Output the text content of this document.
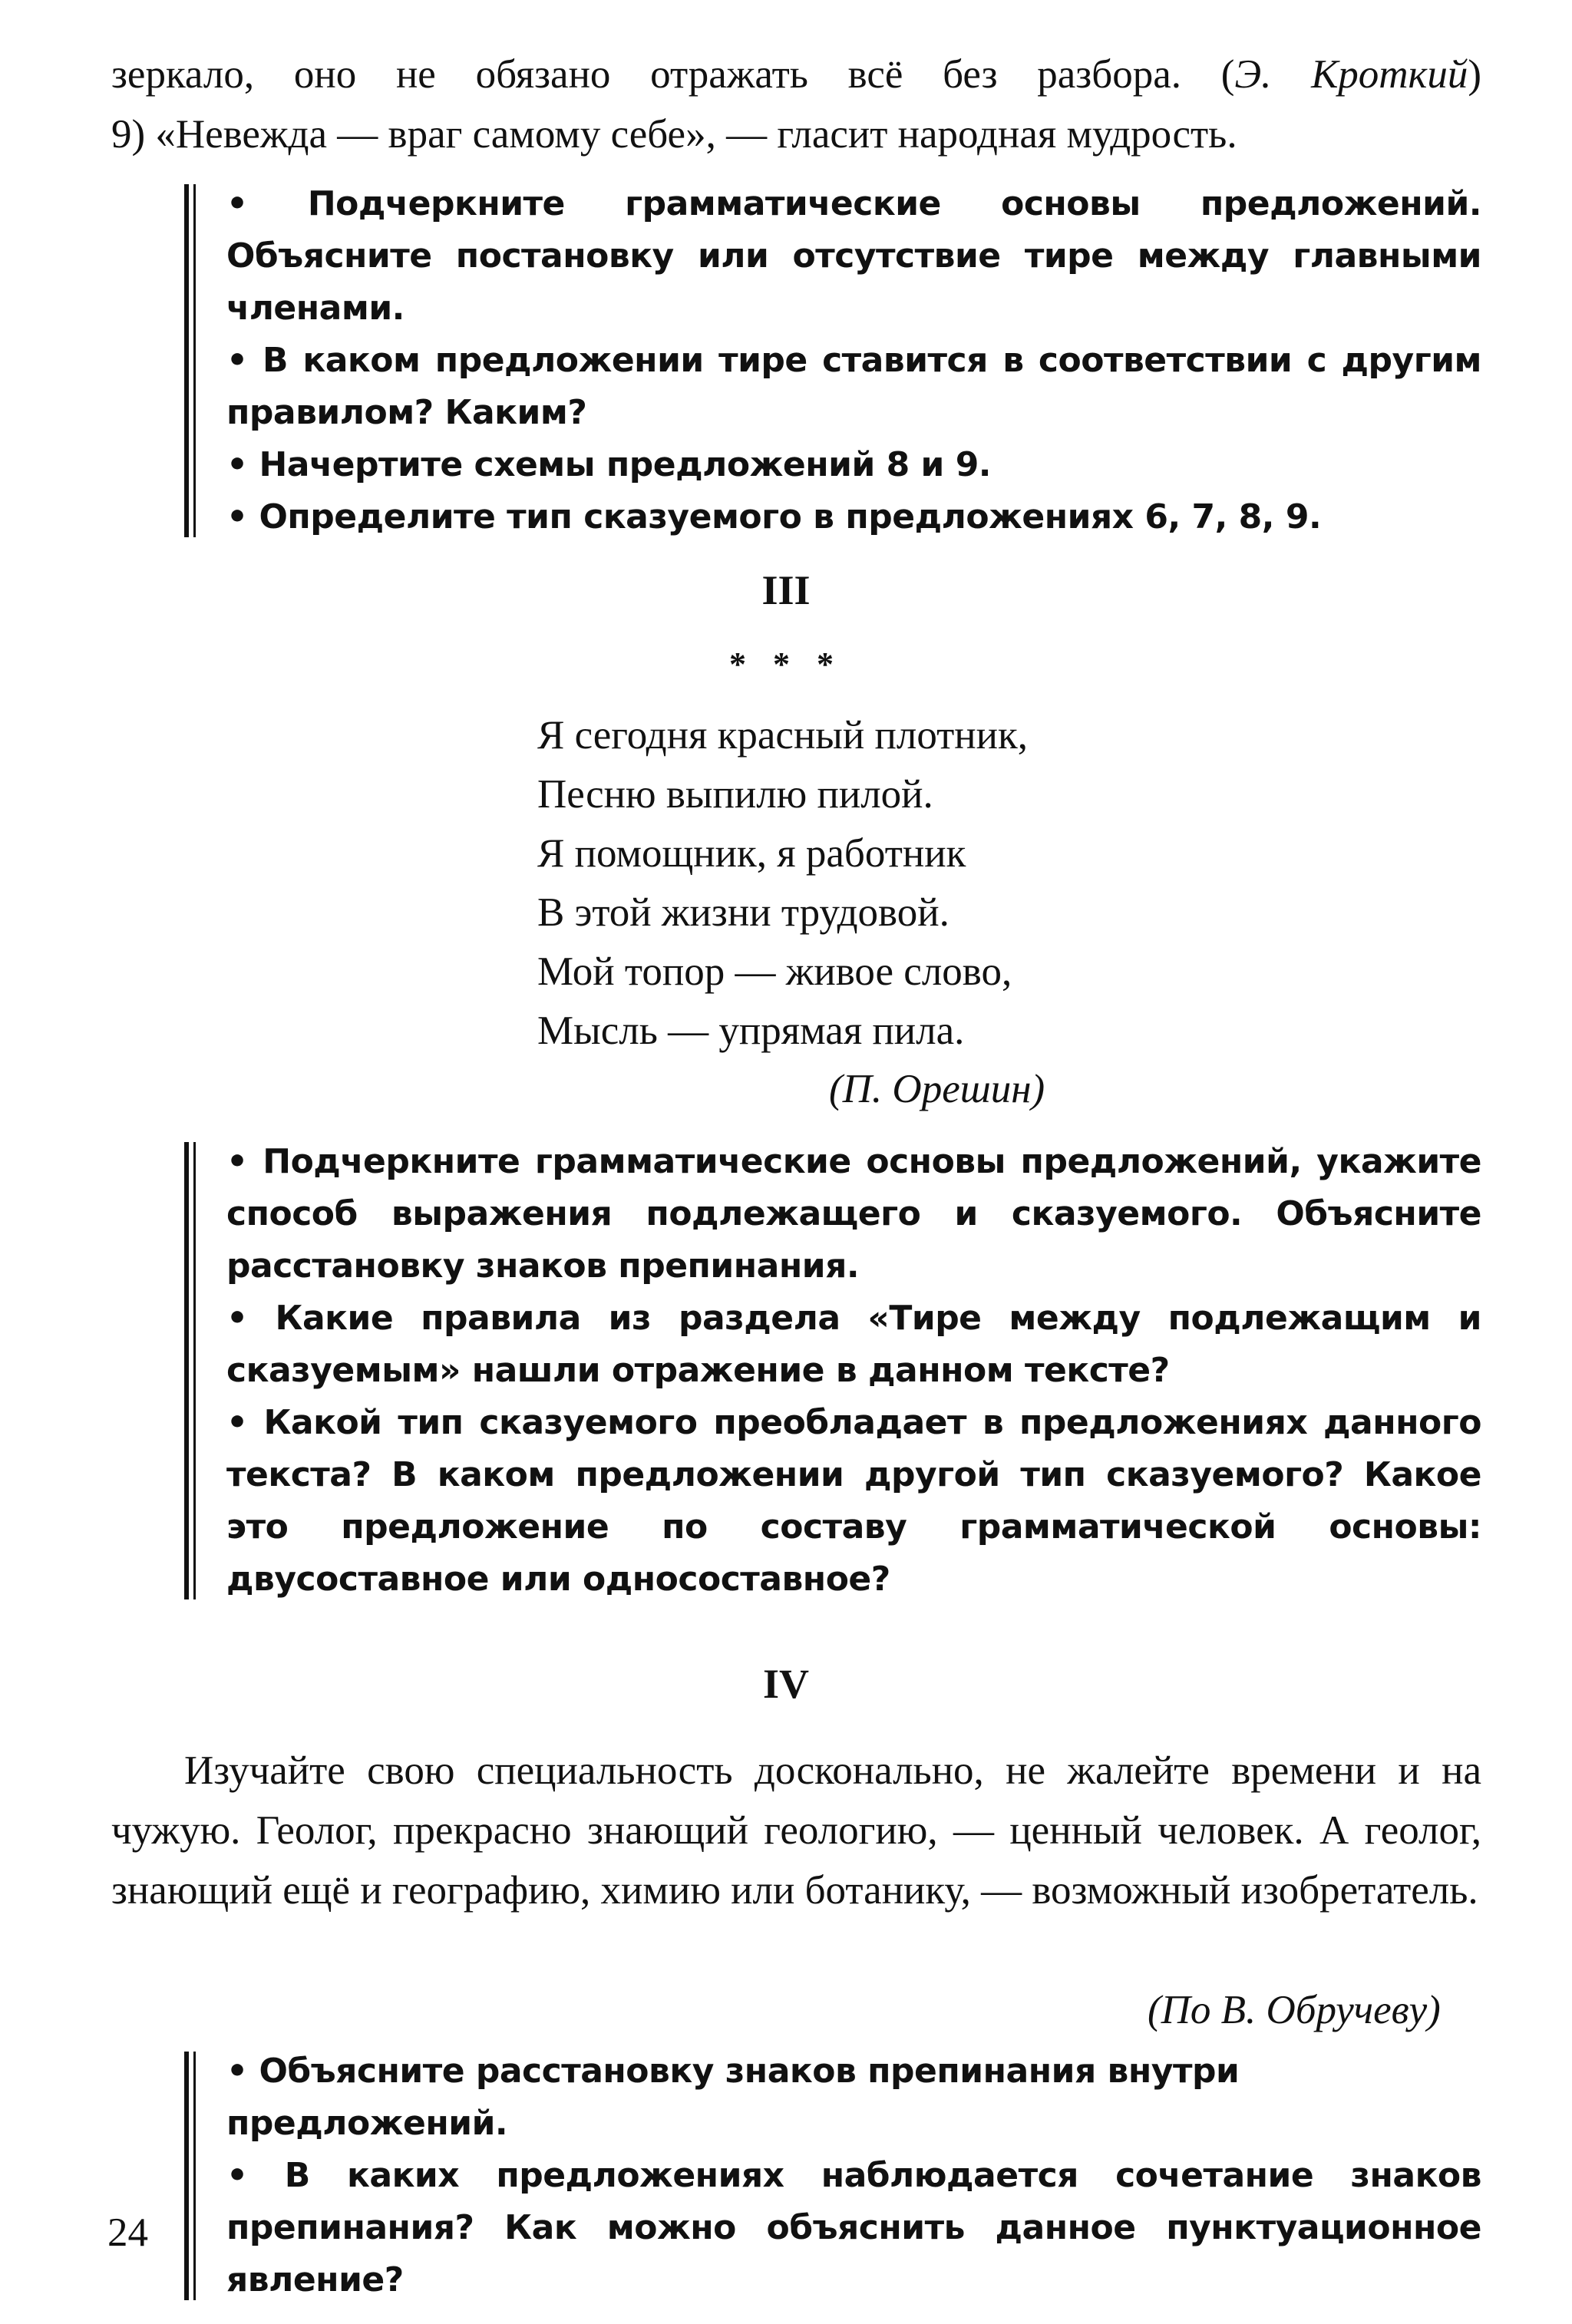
зеркало, оно не обязано отражать всё без разбора. (Э. Кроткий)
9) «Невежда — враг самому себе», — гласит народная мудрость.
• Подчеркните грамматические основы предложений. Объясните постановку или отсутствие тире между главными членами.
• В каком предложении тире ставится в соответствии с другим правилом? Каким?
• Начертите схемы предложений 8 и 9.
• Определите тип сказуемого в предложениях 6, 7, 8, 9.
III
* * *
Я сегодня красный плотник,
Песню выпилю пилой.
Я помощник, я работник
В этой жизни трудовой.
Мой топор — живое слово,
Мысль — упрямая пила.
(П. Орешин)
• Подчеркните грамматические основы предложений, укажите способ выражения подлежащего и сказуемого. Объясните расстановку знаков препинания.
• Какие правила из раздела «Тире между подлежащим и сказуемым» нашли отражение в данном тексте?
• Какой тип сказуемого преобладает в предложениях данного текста? В каком предложении другой тип сказуемого? Какое это предложение по составу грамматической основы: двусоставное или односоставное?
IV
Изучайте свою специальность досконально, не жалейте времени и на чужую. Геолог, прекрасно знающий геологию, — ценный человек. А геолог, знающий ещё и географию, химию или ботанику, — возможный изобретатель.
(По В. Обручеву)
• Объясните расстановку знаков препинания внутри предложений.
• В каких предложениях наблюдается сочетание знаков препинания? Как можно объяснить данное пунктуационное явление?
24
